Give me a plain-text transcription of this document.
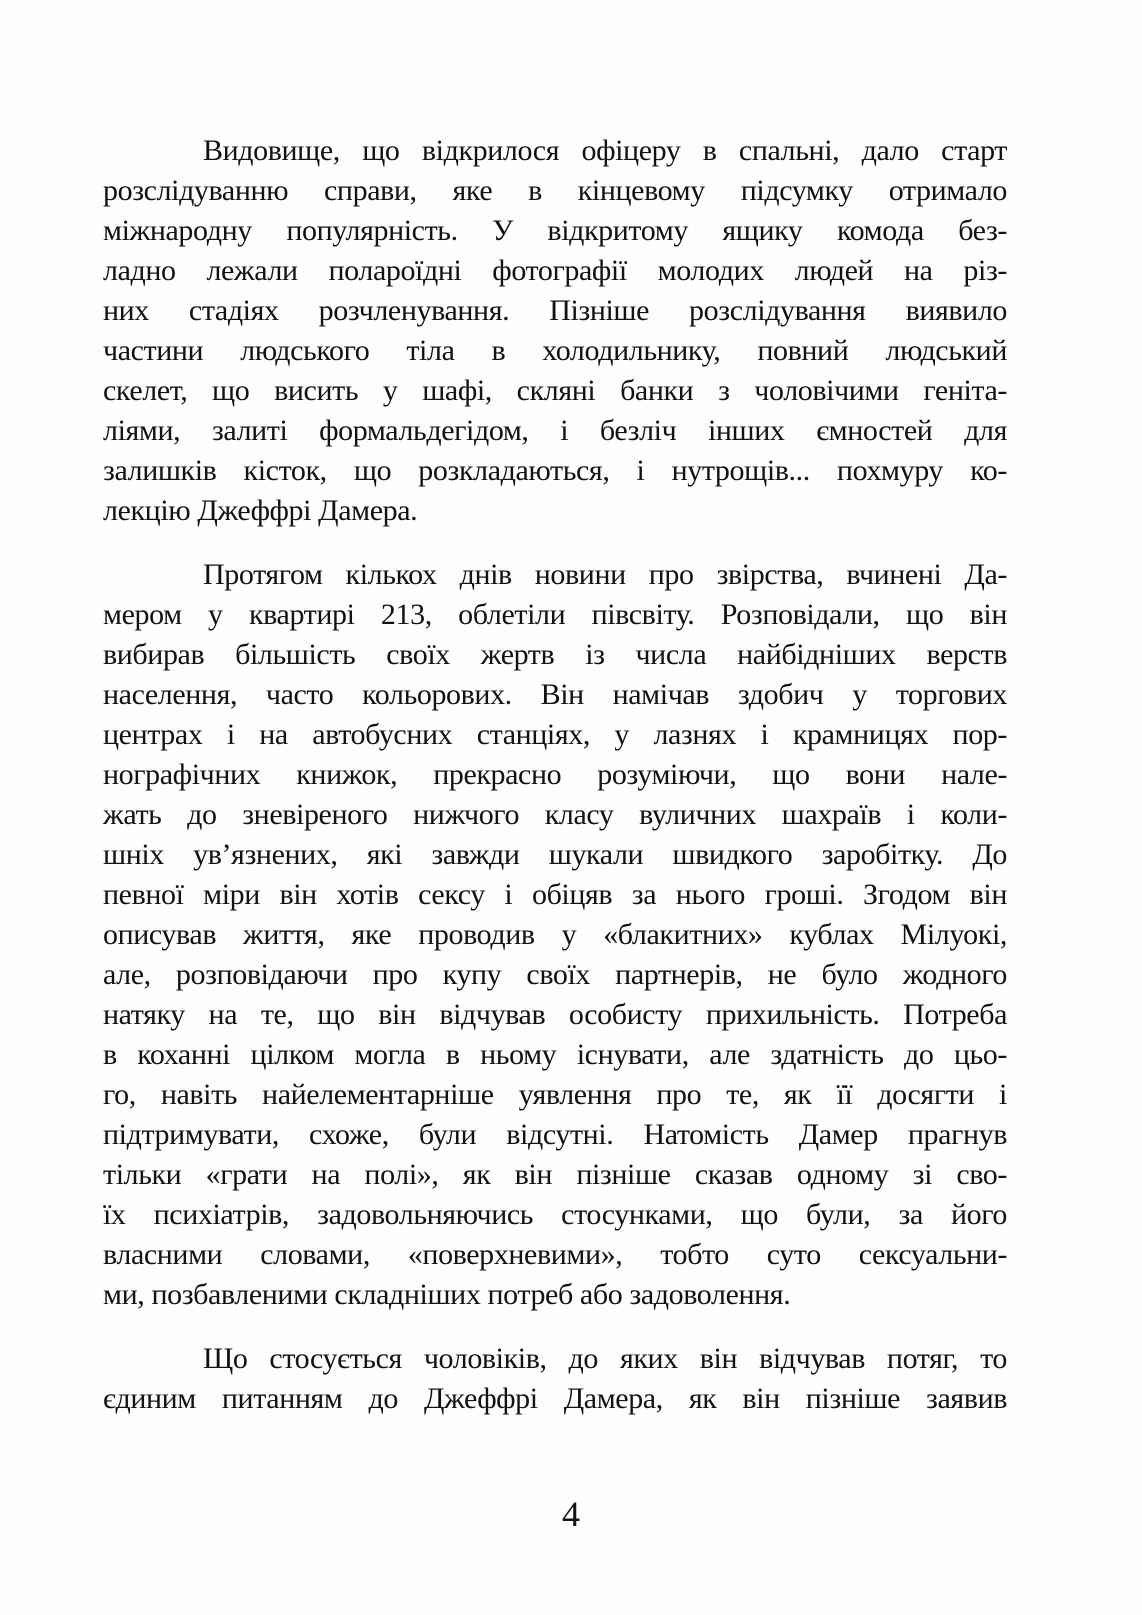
Видовище, що відкрилося офіцеру в спальні, дало старт
розслідуванню справи, яке в кінцевому підсумку отримало
міжнародну популярність. У відкритому ящику комода без-
ладно лежали полароїдні фотографії молодих людей на різ-
них стадіях розчленування. Пізніше розслідування виявило
частини людського тіла в холодильнику, повний людський
скелет, що висить у шафі, скляні банки з чоловічими геніта-
ліями, залиті формальдегідом, і безліч інших ємностей для
залишків кісток, що розкладаються, і нутрощів... похмуру ко-
лекцію Джеффрі Дамера.
Протягом кількох днів новини про звірства, вчинені Да-
мером у квартирі 213, облетіли півсвіту. Розповідали, що він
вибирав більшість своїх жертв із числа найбідніших верств
населення, часто кольорових. Він намічав здобич у торгових
центрах і на автобусних станціях, у лазнях і крамницях пор-
нографічних книжок, прекрасно розуміючи, що вони нале-
жать до зневіреного нижчого класу вуличних шахраїв і коли-
шніх ув’язнених, які завжди шукали швидкого заробітку. До
певної міри він хотів сексу і обіцяв за нього гроші. Згодом він
описував життя, яке проводив у «блакитних» кублах Мілуокі,
але, розповідаючи про купу своїх партнерів, не було жодного
натяку на те, що він відчував особисту прихильність. Потреба
в коханні цілком могла в ньому існувати, але здатність до цьо-
го, навіть найелементарніше уявлення про те, як її досягти і
підтримувати, схоже, були відсутні. Натомість Дамер прагнув
тільки «грати на полі», як він пізніше сказав одному зі сво-
їх психіатрів, задовольняючись стосунками, що були, за його
власними словами, «поверхневими», тобто суто сексуальни-
ми, позбавленими складніших потреб або задоволення.
Що стосується чоловіків, до яких він відчував потяг, то
єдиним питанням до Джеффрі Дамера, як він пізніше заявив
4
